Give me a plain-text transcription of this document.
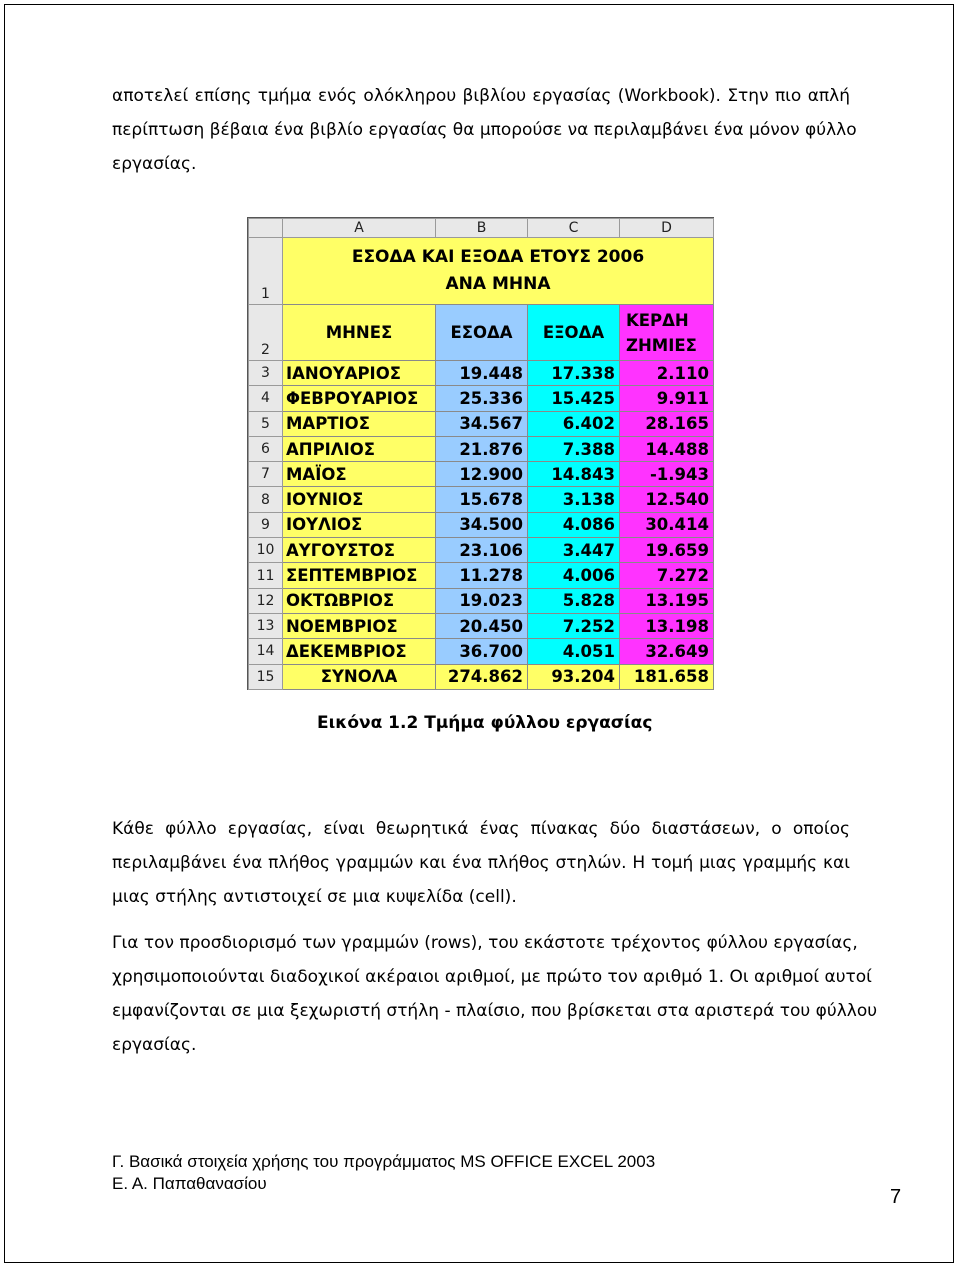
αποτελεί επίσης τμήμα ενός ολόκληρου βιβλίου εργασίας (Workbook). Στην πιο απλή
περίπτωση βέβαια ένα βιβλίο εργασίας θα μπορούσε να περιλαμβάνει ένα μόνον φύλλο
εργασίας.
	A	B	C	D
1	ΕΣΟΔΑ ΚΑΙ ΕΞΟΔΑ ΕΤΟΥΣ 2006
ΑΝΑ ΜΗΝΑ			

2	ΜΗΝΕΣ	ΕΣΟΔΑ	ΕΞΟΔΑ	ΚΕΡΔΗ
ΖΗΜΙΕΣ

3	ΙΑΝΟΥΑΡΙΟΣ	19.448	17.338	2.110
4	ΦΕΒΡΟΥΑΡΙΟΣ	25.336	15.425	9.911
5	ΜΑΡΤΙΟΣ	34.567	6.402	28.165
6	ΑΠΡΙΛΙΟΣ	21.876	7.388	14.488
7	ΜΑΪΟΣ	12.900	14.843	-1.943
8	ΙΟΥΝΙΟΣ	15.678	3.138	12.540
9	ΙΟΥΛΙΟΣ	34.500	4.086	30.414
10	ΑΥΓΟΥΣΤΟΣ	23.106	3.447	19.659
11	ΣΕΠΤΕΜΒΡΙΟΣ	11.278	4.006	7.272
12	ΟΚΤΩΒΡΙΟΣ	19.023	5.828	13.195
13	ΝΟΕΜΒΡΙΟΣ	20.450	7.252	13.198
14	ΔΕΚΕΜΒΡΙΟΣ	36.700	4.051	32.649
15	ΣΥΝΟΛΑ	274.862	93.204	181.658
Εικόνα 1.2 Τμήμα φύλλου εργασίας
Κάθε φύλλο εργασίας, είναι θεωρητικά ένας πίνακας δύο διαστάσεων, ο οποίος
περιλαμβάνει ένα πλήθος γραμμών και ένα πλήθος στηλών. Η τομή μιας γραμμής και
μιας στήλης αντιστοιχεί σε μια κυψελίδα (cell).
Για τον προσδιορισμό των γραμμών (rows), του εκάστοτε τρέχοντος φύλλου εργασίας,
χρησιμοποιούνται διαδοχικοί ακέραιοι αριθμοί, με πρώτο τον αριθμό 1. Οι αριθμοί αυτοί
εμφανίζονται σε μια ξεχωριστή στήλη - πλαίσιο, που βρίσκεται στα αριστερά του φύλλου
εργασίας.
Γ. Βασικά στοιχεία χρήσης του προγράμματος MS OFFICE EXCEL 2003
Ε. Α. Παπαθανασίου
7
